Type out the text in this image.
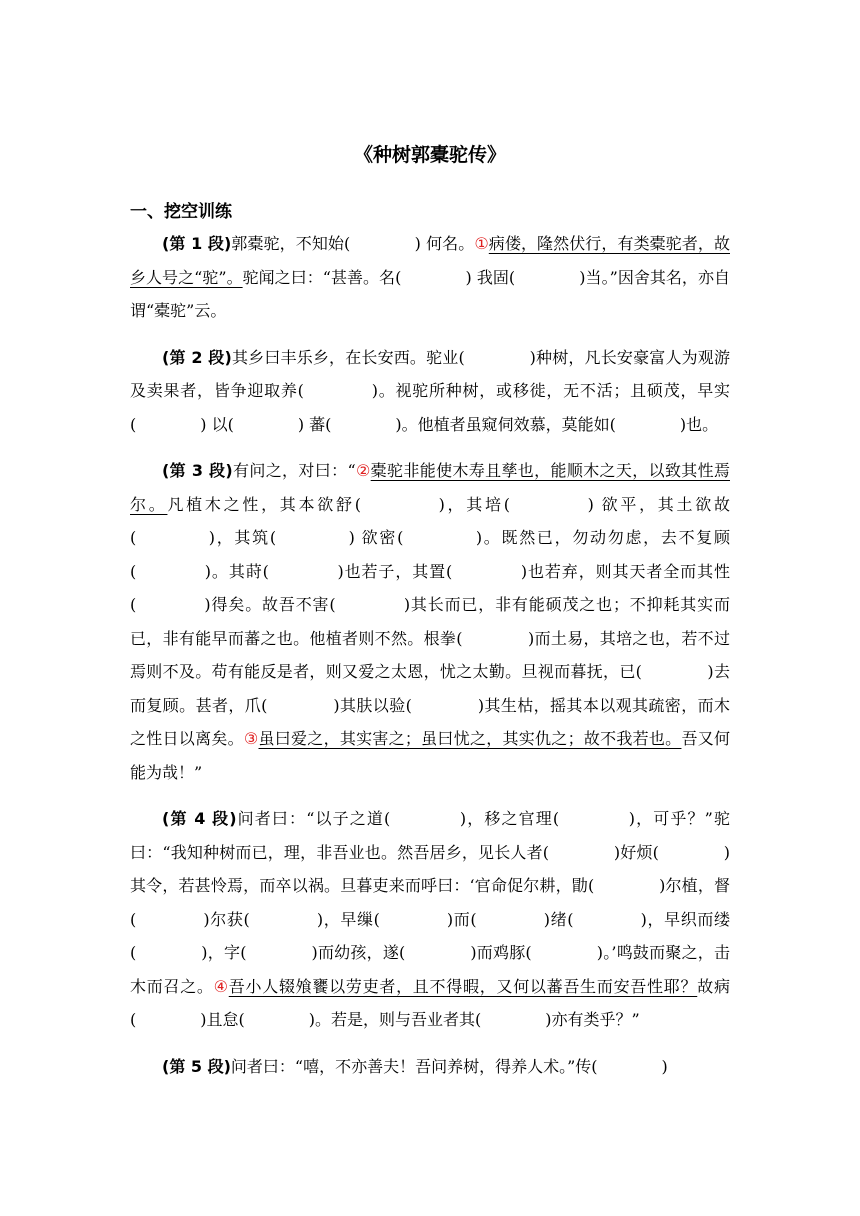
《种树郭橐驼传》
一、挖空训练

(第 1 段)郭橐驼，不知始(　　　　) 何名。①病偻，隆然伏行，有类橐驼者，故乡人号之“驼”。驼闻之曰：“甚善。名(　　　　) 我固(　　　　)当。”因舍其名，亦自谓“橐驼”云。

(第 2 段)其乡曰丰乐乡，在长安西。驼业(　　　　)种树，凡长安豪富人为观游及卖果者，皆争迎取养(　　　　)。视驼所种树，或移徙，无不活；且硕茂，早实(　　　　) 以(　　　　) 蕃(　　　　)。他植者虽窥伺效慕，莫能如(　　　　)也。

(第 3 段)有问之，对曰：“②橐驼非能使木寿且孳也，能顺木之天，以致其性焉尔。凡植木之性，其本欲舒(　　　　)，其培(　　　　) 欲平，其土欲故(　　　　)，其筑(　　　　) 欲密(　　　　)。既然已，勿动勿虑，去不复顾(　　　　)。其莳(　　　　)也若子，其置(　　　　)也若弃，则其天者全而其性(　　　　)得矣。故吾不害(　　　　)其长而已，非有能硕茂之也；不抑耗其实而已，非有能早而蕃之也。他植者则不然。根拳(　　　　)而土易，其培之也，若不过焉则不及。苟有能反是者，则又爱之太恩，忧之太勤。旦视而暮抚，已(　　　　)去而复顾。甚者，爪(　　　　)其肤以验(　　　　)其生枯，摇其本以观其疏密，而木之性日以离矣。③虽曰爱之，其实害之；虽曰忧之，其实仇之；故不我若也。吾又何能为哉！”

(第 4 段)问者曰：“以子之道(　　　　)，移之官理(　　　　)，可乎？”驼曰：“我知种树而已，理，非吾业也。然吾居乡，见长人者(　　　　)好烦(　　　　)其令，若甚怜焉，而卒以祸。旦暮吏来而呼曰：‘官命促尔耕，勖(　　　　)尔植，督(　　　　)尔获(　　　　)，早缫(　　　　)而(　　　　)绪(　　　　)，早织而缕(　　　　)，字(　　　　)而幼孩，遂(　　　　)而鸡豚(　　　　)。’鸣鼓而聚之，击木而召之。④吾小人辍飧饔以劳吏者，且不得暇，又何以蕃吾生而安吾性耶？故病(　　　　)且怠(　　　　)。若是，则与吾业者其(　　　　)亦有类乎？”

(第 5 段)问者曰：“嘻，不亦善夫！吾问养树，得养人术。”传(　　　　)
